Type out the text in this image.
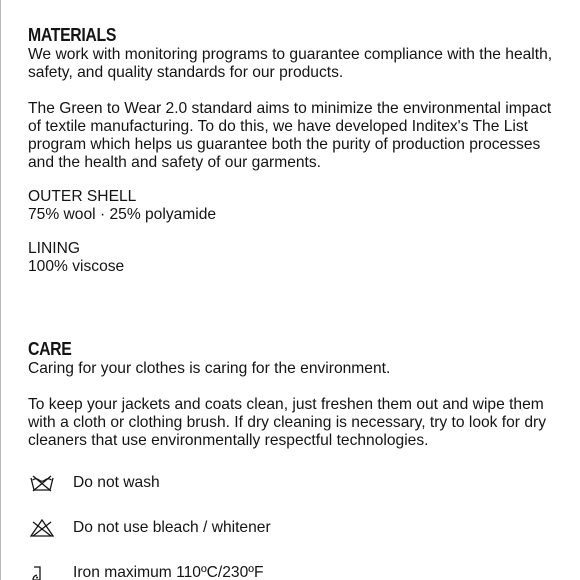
MATERIALS

We work with monitoring programs to guarantee compliance with the health, safety, and quality standards for our products.

The Green to Wear 2.0 standard aims to minimize the environmental impact of textile manufacturing. To do this, we have developed Inditex's The List program which helps us guarantee both the purity of production processes and the health and safety of our garments.

OUTER SHELL

75% wool · 25% polyamide

LINING

100% viscose

CARE

Caring for your clothes is caring for the environment.

To keep your jackets and coats clean, just freshen them out and wipe them with a cloth or clothing brush. If dry cleaning is necessary, try to look for dry cleaners that use environmentally respectful technologies.

Do not wash
Do not use bleach / whitener
Iron maximum 110ºC/230ºF
